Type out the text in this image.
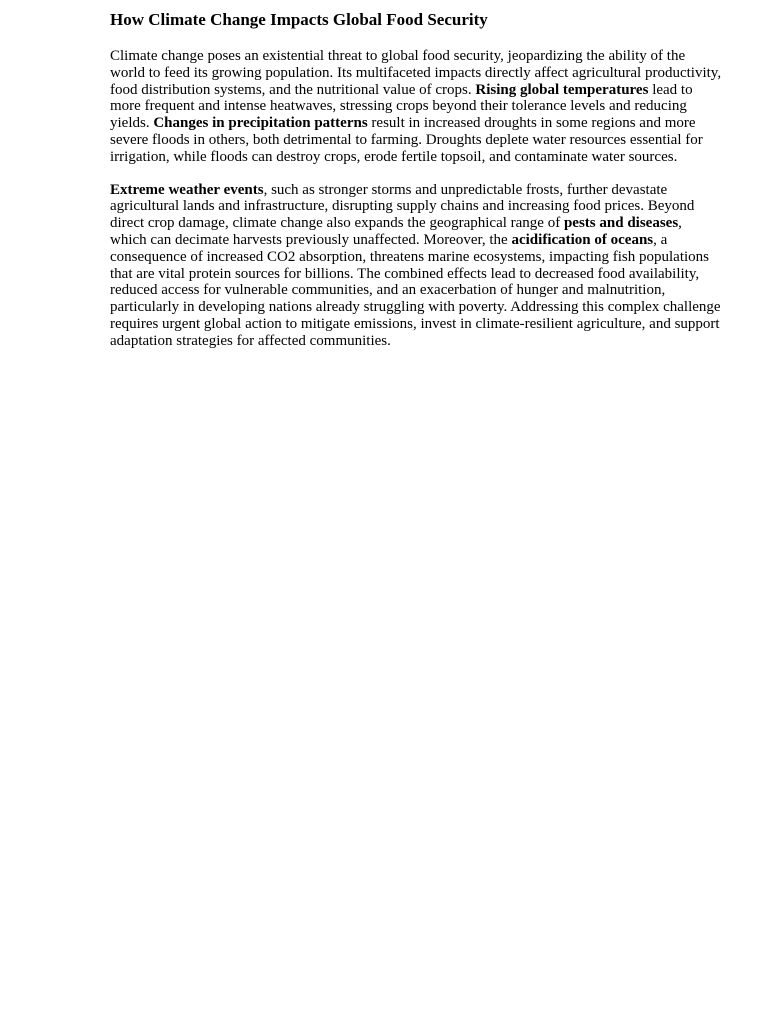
How Climate Change Impacts Global Food Security

Climate change poses an existential threat to global food security, jeopardizing the ability of the world to feed its growing population. Its multifaceted impacts directly affect agricultural productivity, food distribution systems, and the nutritional value of crops. Rising global temperatures lead to more frequent and intense heatwaves, stressing crops beyond their tolerance levels and reducing yields. Changes in precipitation patterns result in increased droughts in some regions and more severe floods in others, both detrimental to farming. Droughts deplete water resources essential for irrigation, while floods can destroy crops, erode fertile topsoil, and contaminate water sources.

Extreme weather events, such as stronger storms and unpredictable frosts, further devastate agricultural lands and infrastructure, disrupting supply chains and increasing food prices. Beyond direct crop damage, climate change also expands the geographical range of pests and diseases, which can decimate harvests previously unaffected. Moreover, the acidification of oceans, a consequence of increased CO2 absorption, threatens marine ecosystems, impacting fish populations that are vital protein sources for billions. The combined effects lead to decreased food availability, reduced access for vulnerable communities, and an exacerbation of hunger and malnutrition, particularly in developing nations already struggling with poverty. Addressing this complex challenge requires urgent global action to mitigate emissions, invest in climate-resilient agriculture, and support adaptation strategies for affected communities.
